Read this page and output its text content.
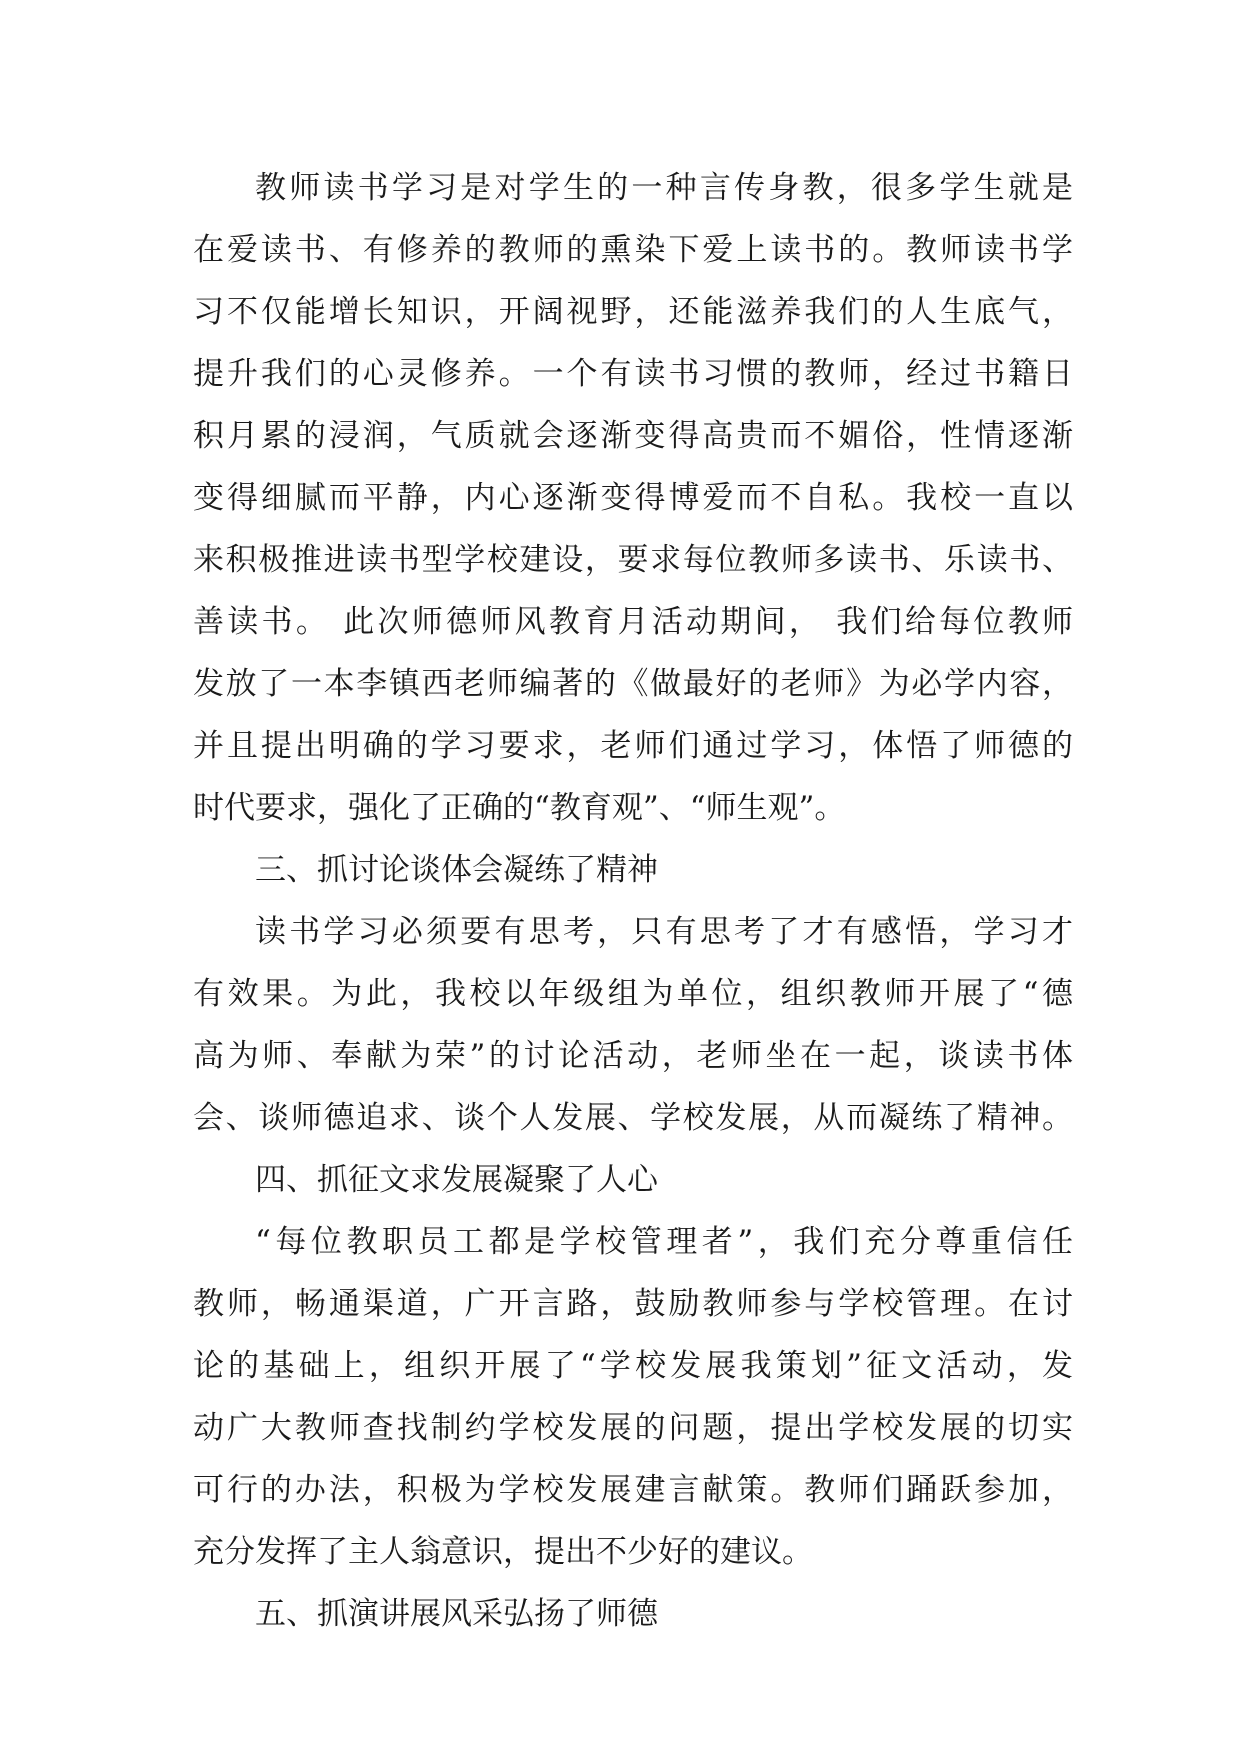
教师读书学习是对学生的一种言传身教，很多学生就是
在爱读书、有修养的教师的熏染下爱上读书的。教师读书学
习不仅能增长知识，开阔视野，还能滋养我们的人生底气，
提升我们的心灵修养。一个有读书习惯的教师，经过书籍日
积月累的浸润，气质就会逐渐变得高贵而不媚俗，性情逐渐
变得细腻而平静，内心逐渐变得博爱而不自私。我校一直以
来积极推进读书型学校建设，要求每位教师多读书、乐读书、
善读书。 此次师德师风教育月活动期间， 我们给每位教师
发放了一本李镇西老师编著的《做最好的老师》为必学内容，
并且提出明确的学习要求，老师们通过学习，体悟了师德的
时代要求，强化了正确的“教育观”、“师生观”。
三、抓讨论谈体会凝练了精神
读书学习必须要有思考，只有思考了才有感悟，学习才
有效果。为此，我校以年级组为单位，组织教师开展了“德
高为师、奉献为荣”的讨论活动，老师坐在一起，谈读书体
会、谈师德追求、谈个人发展、学校发展，从而凝练了精神。
四、抓征文求发展凝聚了人心
“每位教职员工都是学校管理者”，我们充分尊重信任
教师，畅通渠道，广开言路，鼓励教师参与学校管理。在讨
论的基础上，组织开展了“学校发展我策划”征文活动，发
动广大教师查找制约学校发展的问题，提出学校发展的切实
可行的办法，积极为学校发展建言献策。教师们踊跃参加，
充分发挥了主人翁意识，提出不少好的建议。
五、抓演讲展风采弘扬了师德
